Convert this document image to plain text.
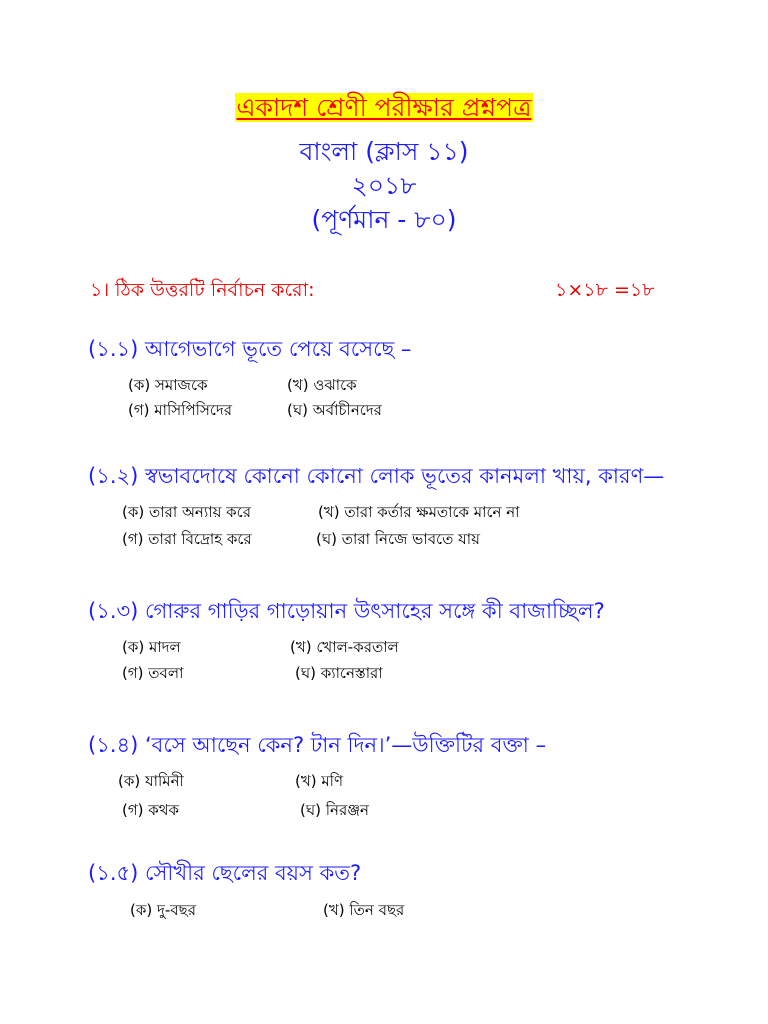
একাদশ শ্রেণী পরীক্ষার প্রশ্নপত্র
বাংলা (ক্লাস ১১)
২০১৮
(পূর্ণমান - ৮০)
১। ঠিক উত্তরটি নির্বাচন করো:	১×১৮ =১৮
(১.১) আগেভাগে ভূতে পেয়ে বসেছে –
(ক) সমাজকে	(খ) ওঝাকে
(গ) মাসিপিসিদের	(ঘ) অর্বাচীনদের
(১.২) স্বভাবদোষে কোনো কোনো লোক ভূতের কানমলা খায়, কারণ—
(ক) তারা অন্যায় করে	(খ) তারা কর্তার ক্ষমতাকে মানে না
(গ) তারা বিদ্রোহ করে	(ঘ) তারা নিজে ভাবতে যায়
(১.৩) গোরুর গাড়ির গাড়োয়ান উৎসাহের সঙ্গে কী বাজাচ্ছিল?
(ক) মাদল	(খ) খোল-করতাল
(গ) তবলা	(ঘ) ক্যানেস্তারা
(১.৪) ‘বসে আছেন কেন? টান দিন।’—উক্তিটির বক্তা –
(ক) যামিনী	(খ) মণি
(গ) কথক	(ঘ) নিরঞ্জন
(১.৫) সৌখীর ছেলের বয়স কত?
(ক) দু-বছর	(খ) তিন বছর
